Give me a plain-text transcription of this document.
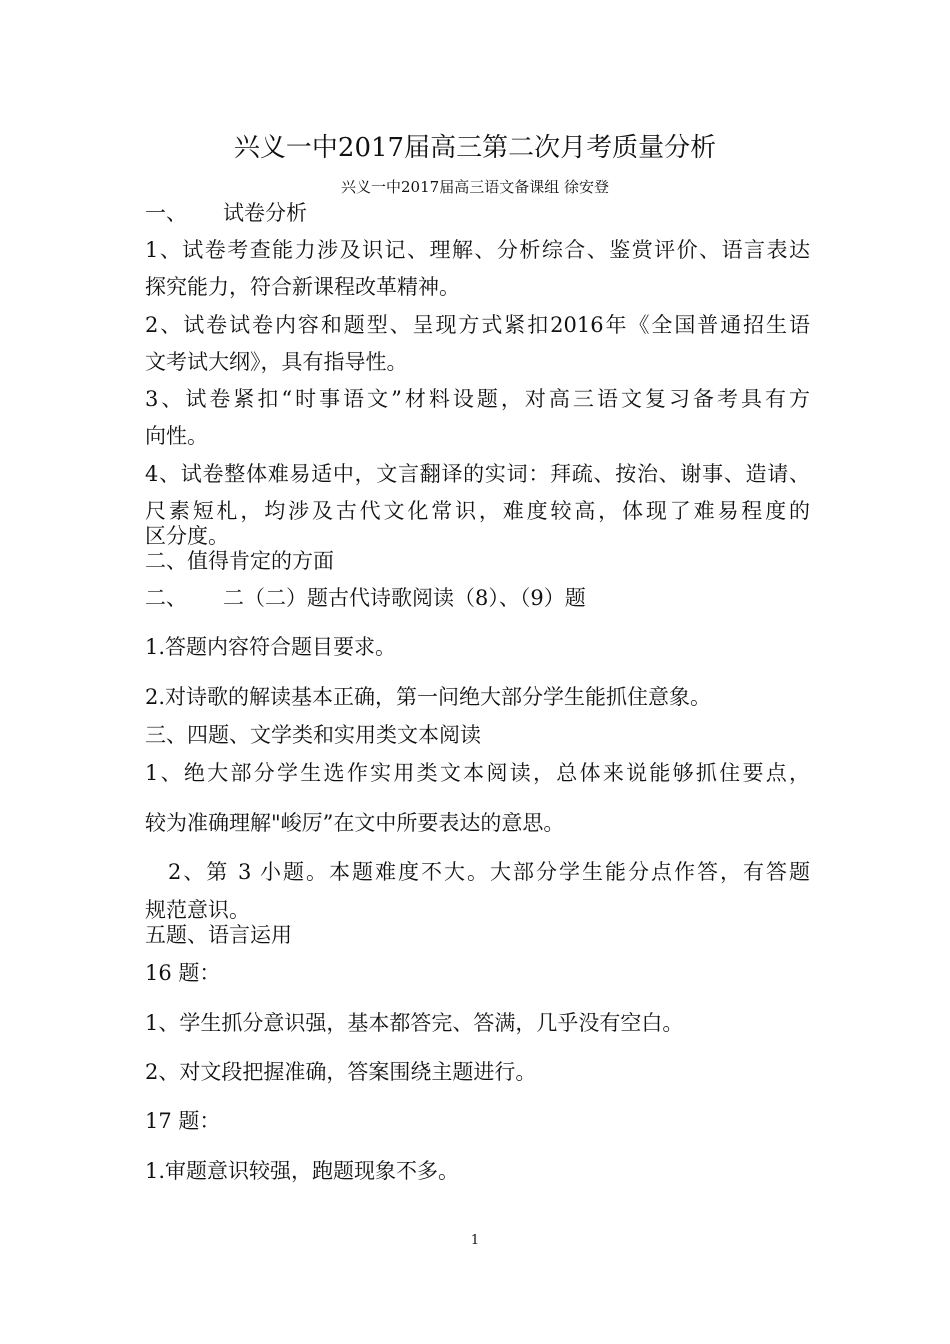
兴义一中2017届高三第二次月考质量分析
兴义一中2017届高三语文备课组 徐安登
一、 试卷分析
1、试卷考查能力涉及识记、理解、分析综合、鉴赏评价、语言表达
探究能力，符合新课程改革精神。
2、试卷试卷内容和题型、呈现方式紧扣2016年《全国普通招生语
文考试大纲》，具有指导性。
3、试卷紧扣“时事语文”材料设题，对高三语文复习备考具有方
向性。
4、试卷整体难易适中，文言翻译的实词：拜疏、按治、谢事、造请、
尺素短札，均涉及古代文化常识，难度较高，体现了难易程度的
区分度。
二、值得肯定的方面
二、 二（二）题古代诗歌阅读（8）、（9）题
1.答题内容符合题目要求。
2.对诗歌的解读基本正确，第一问绝大部分学生能抓住意象。
三、四题、文学类和实用类文本阅读
1、绝大部分学生选作实用类文本阅读，总体来说能够抓住要点，
较为准确理解"峻厉”在文中所要表达的意思。
2、第 3 小题。本题难度不大。大部分学生能分点作答，有答题
规范意识。
五题、语言运用
16 题：
1、学生抓分意识强，基本都答完、答满，几乎没有空白。
2、对文段把握准确，答案围绕主题进行。
17 题：
1.审题意识较强，跑题现象不多。
1
